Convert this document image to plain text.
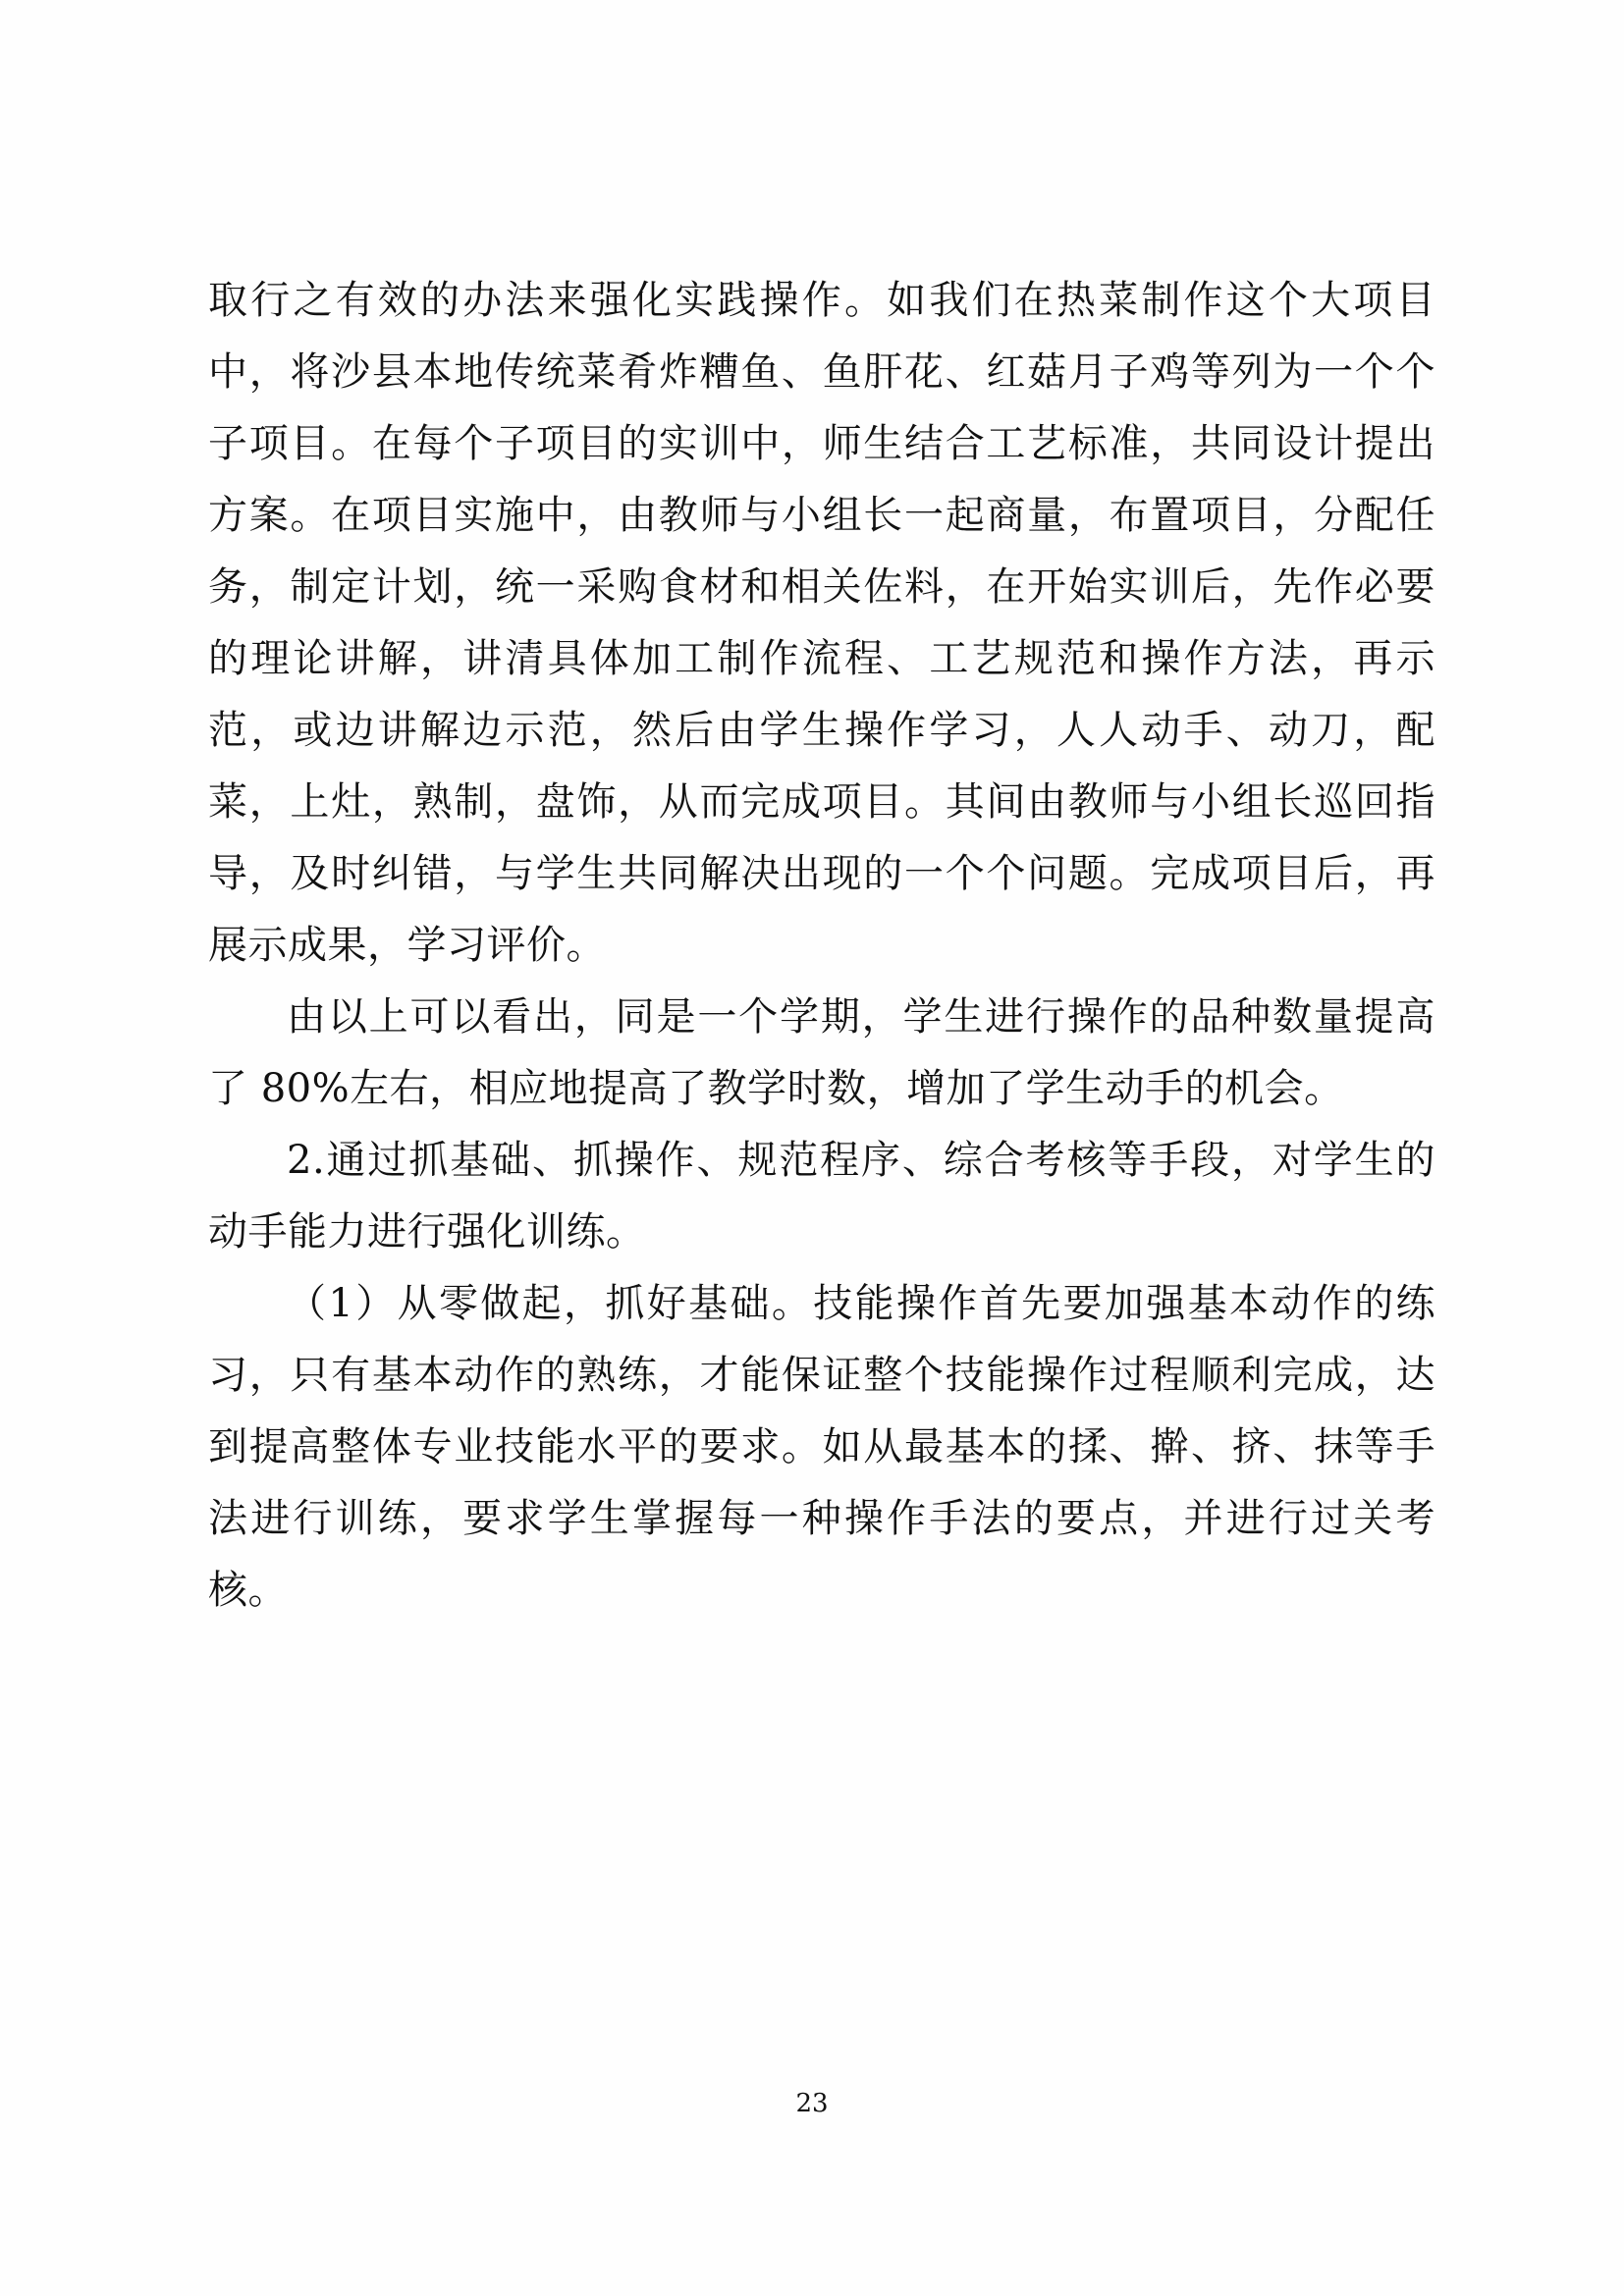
取行之有效的办法来强化实践操作。如我们在热菜制作这个大项目中，将沙县本地传统菜肴炸糟鱼、鱼肝花、红菇月子鸡等列为一个个子项目。在每个子项目的实训中，师生结合工艺标准，共同设计提出方案。在项目实施中，由教师与小组长一起商量，布置项目，分配任务，制定计划，统一采购食材和相关佐料，在开始实训后，先作必要的理论讲解，讲清具体加工制作流程、工艺规范和操作方法，再示范，或边讲解边示范，然后由学生操作学习，人人动手、动刀，配菜，上灶，熟制，盘饰，从而完成项目。其间由教师与小组长巡回指导，及时纠错，与学生共同解决出现的一个个问题。完成项目后，再展示成果，学习评价。

由以上可以看出，同是一个学期，学生进行操作的品种数量提高了 80%左右，相应地提高了教学时数，增加了学生动手的机会。

2.通过抓基础、抓操作、规范程序、综合考核等手段，对学生的动手能力进行强化训练。

（1）从零做起，抓好基础。技能操作首先要加强基本动作的练习，只有基本动作的熟练，才能保证整个技能操作过程顺利完成，达到提高整体专业技能水平的要求。如从最基本的揉、擀、挤、抹等手法进行训练，要求学生掌握每一种操作手法的要点，并进行过关考核。

23
